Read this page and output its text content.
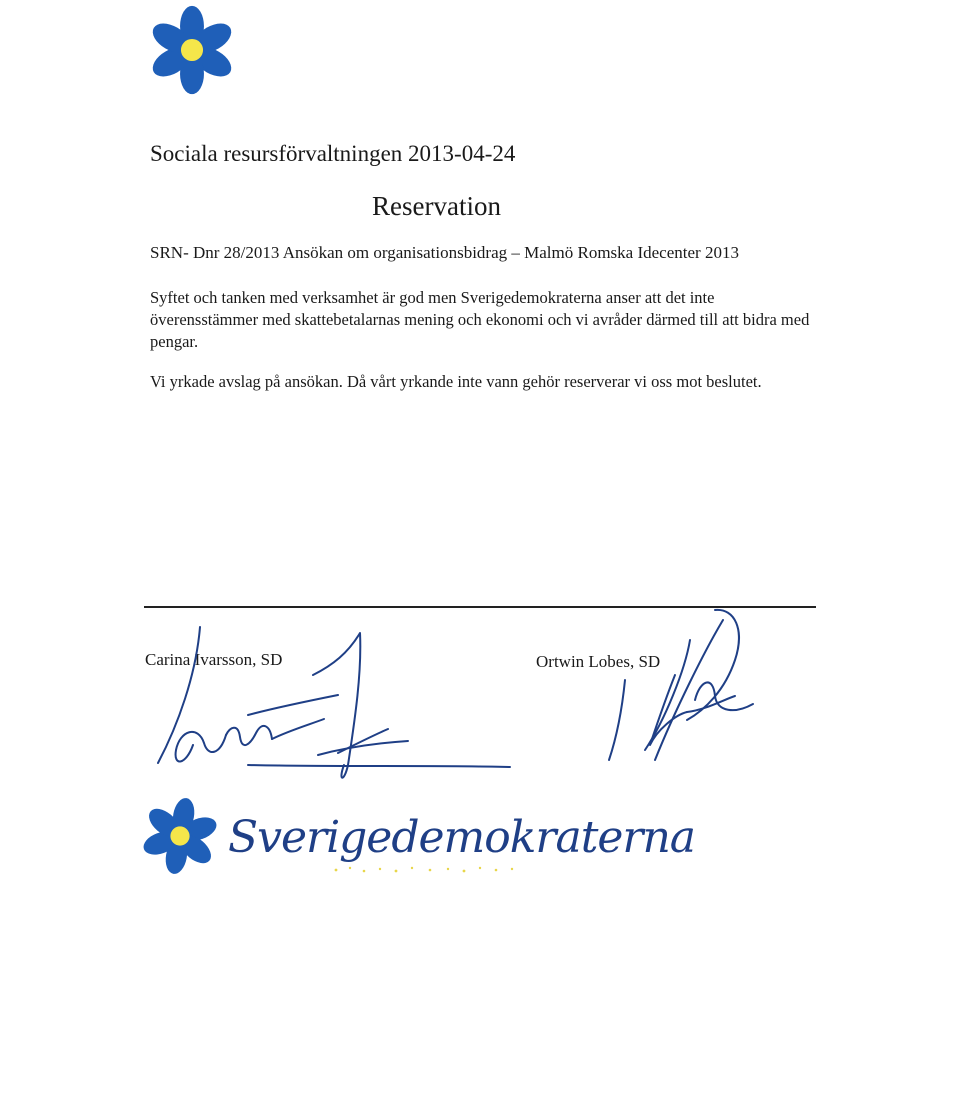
Sociala resursförvaltningen 2013-04-24
Reservation
SRN- Dnr 28/2013 Ansökan om organisationsbidrag – Malmö Romska Idecenter 2013
Syftet och tanken med verksamhet är god men Sverigedemokraterna anser att det inte överensstämmer med skattebetalarnas mening och ekonomi och vi avråder därmed till att bidra med pengar.
Vi yrkade avslag på ansökan. Då vårt yrkande inte vann gehör reserverar vi oss mot beslutet.
Carina Ivarsson, SD	Ortwin Lobes, SD
Sverigedemokraterna
